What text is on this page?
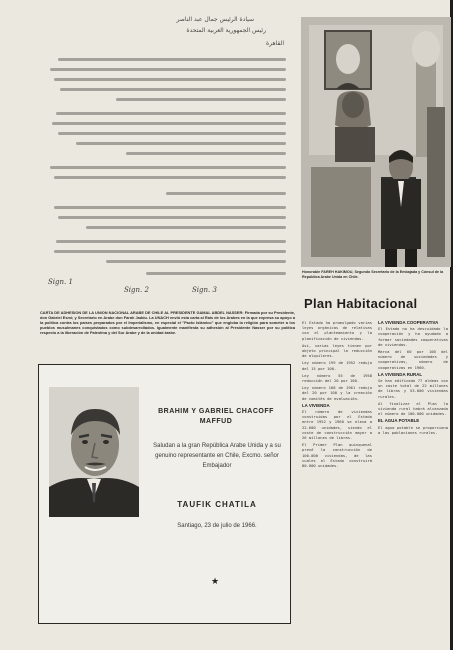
سيادة الرئيس جمال عبد الناصر
رئيس الجمهورية العربية المتحدة
القاهرة
Sign. 1
Sign. 2	Sign. 3
CARTA DE ADHESION DE LA UNION NACIONAL ARABE DE CHILE AL PRESIDENTE GAMAL ABDEL NASSER: Firmada por su Presidente, don Gabriel Esmi; y Secretario en Arabe don Farah Jaddu. La UNACH envió esta carta al Rais de los Arabes en la que expresa su apoyo a la política contra los países preparados por el Imperialismo, en especial el "Pacto Islámico" que engloba la religión para someter a los pueblos musulmanes conquistados como subdesarrollados. Igualmente manifiesta su adhesión al Presidente Nasser por su política respecto a la liberación de Palestina y del Sur Arabe y de la unidad árabe.
BRAHIM Y GABRIEL CHACOFF MAFFUD
Saludan a la gran República Arabe Unida y a su genuino representante en Chile, Excmo. señor Embajador
TAUFIK CHATILA
Santiago, 23 de julio de 1966.
★
Honorable FAREH HAKIMOU, Segundo Secretario de la Embajada y Cónsul de la República Arabe Unida en Chile.
Plan Habitacional

El Estado ha promulgado varias leyes orgánicas de relativas con el planteamiento y la planificación de viviendas.

Así, varias leyes tienen por objeto principal la reducción de alquileres.

Ley número 199 de 1952 redujo del 15 por 100.

Ley número 55 de 1958 reducción del 20 por 100.

Ley número 168 de 1961 redujo del 20 por 100 y la creación de comités de evaluación.

LA VIVIENDA

El número de viviendas construidas por el Estado entre 1952 y 1960 se eleva a 22.600 unidades, siendo el coste de construcción mayor a 26 millones de libras.

El Primer Plan quinquenal prevé la construcción de 100.000 viviendas, de las cuales el Estado construirá 80.000 unidades.

LA VIVIENDA COOPERATIVA

El Estado no ha descuidado la cooperación y ha ayudado a formar sociedades cooperativas de viviendas.

Marca del 60 por 100 del número de sociedades y cooperativas, número de cooperativas en 1960.

LA VIVIENDA RURAL

Se han edificado 77 aldeas con un coste total de 22 millones de libras y 53.000 viviendas rurales.

Al finalizar el Plan la vivienda rural habrá alcanzado el número de 100.000 unidades.

EL AGUA POTABLE

El agua potable se proporciona a las poblaciones rurales.
